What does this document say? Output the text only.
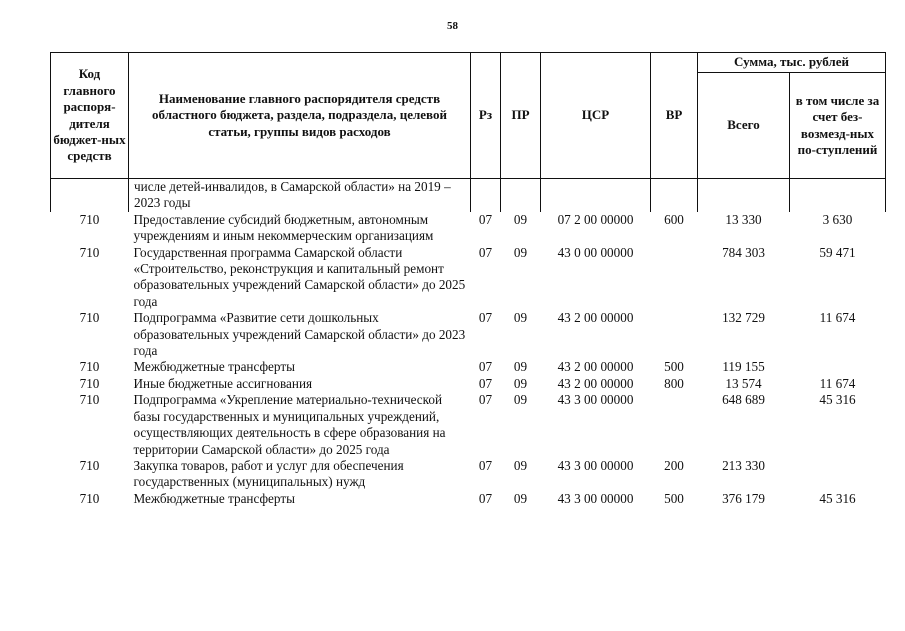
58
Код главного распоря-дителя бюджет-ных средств	Наименование главного распорядителя средств областного бюджета, раздела, подраздела, целевой статьи, группы видов расходов	Рз	ПР	ЦСР	ВР	Сумма, тыс. рублей	
						Всего	в том числе за счет без-возмезд-ных по-ступлений
	числе детей-инвалидов, в Самарской области» на 2019 – 2023 годы						
710	Предоставление субсидий бюджетным, автономным учреждениям и иным некоммерческим организациям	07	09	07 2 00 00000	600	13 330	3 630
710	Государственная программа Самарской области «Строительство, реконструкция и капитальный ремонт образовательных учреждений Самарской области» до 2025 года	07	09	43 0 00 00000		784 303	59 471
710	Подпрограмма «Развитие сети дошкольных образовательных учреждений Самарской области» до 2023 года	07	09	43 2 00 00000		132 729	11 674
710	Межбюджетные трансферты	07	09	43 2 00 00000	500	119 155	
710	Иные бюджетные ассигнования	07	09	43 2 00 00000	800	13 574	11 674
710	Подпрограмма «Укрепление материально-технической базы государственных и муниципальных учреждений, осуществляющих деятельность в сфере образования на территории Самарской области» до 2025 года	07	09	43 3 00 00000		648 689	45 316
710	Закупка товаров, работ и услуг для обеспечения государственных (муниципальных) нужд	07	09	43 3 00 00000	200	213 330	
710	Межбюджетные трансферты	07	09	43 3 00 00000	500	376 179	45 316
